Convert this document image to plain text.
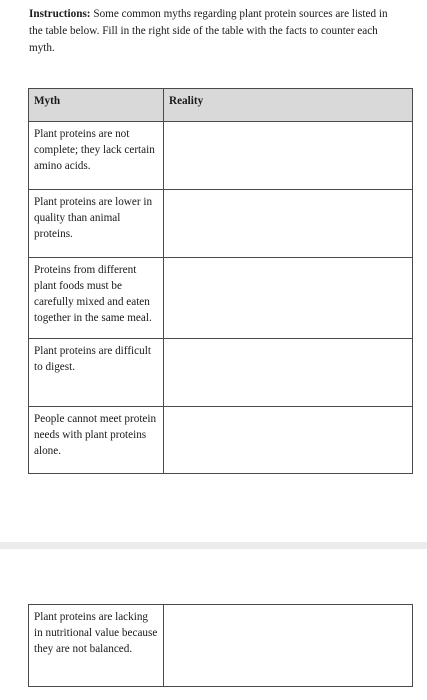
Instructions: Some common myths regarding plant protein sources are listed in the table below. Fill in the right side of the table with the facts to counter each myth.
Myth	Reality
Plant proteins are not complete; they lack certain amino acids.	
Plant proteins are lower in quality than animal proteins.	
Proteins from different plant foods must be carefully mixed and eaten together in the same meal.	
Plant proteins are difficult to digest.	
People cannot meet protein needs with plant proteins alone.	
Plant proteins are lacking in nutritional value because they are not balanced.	
